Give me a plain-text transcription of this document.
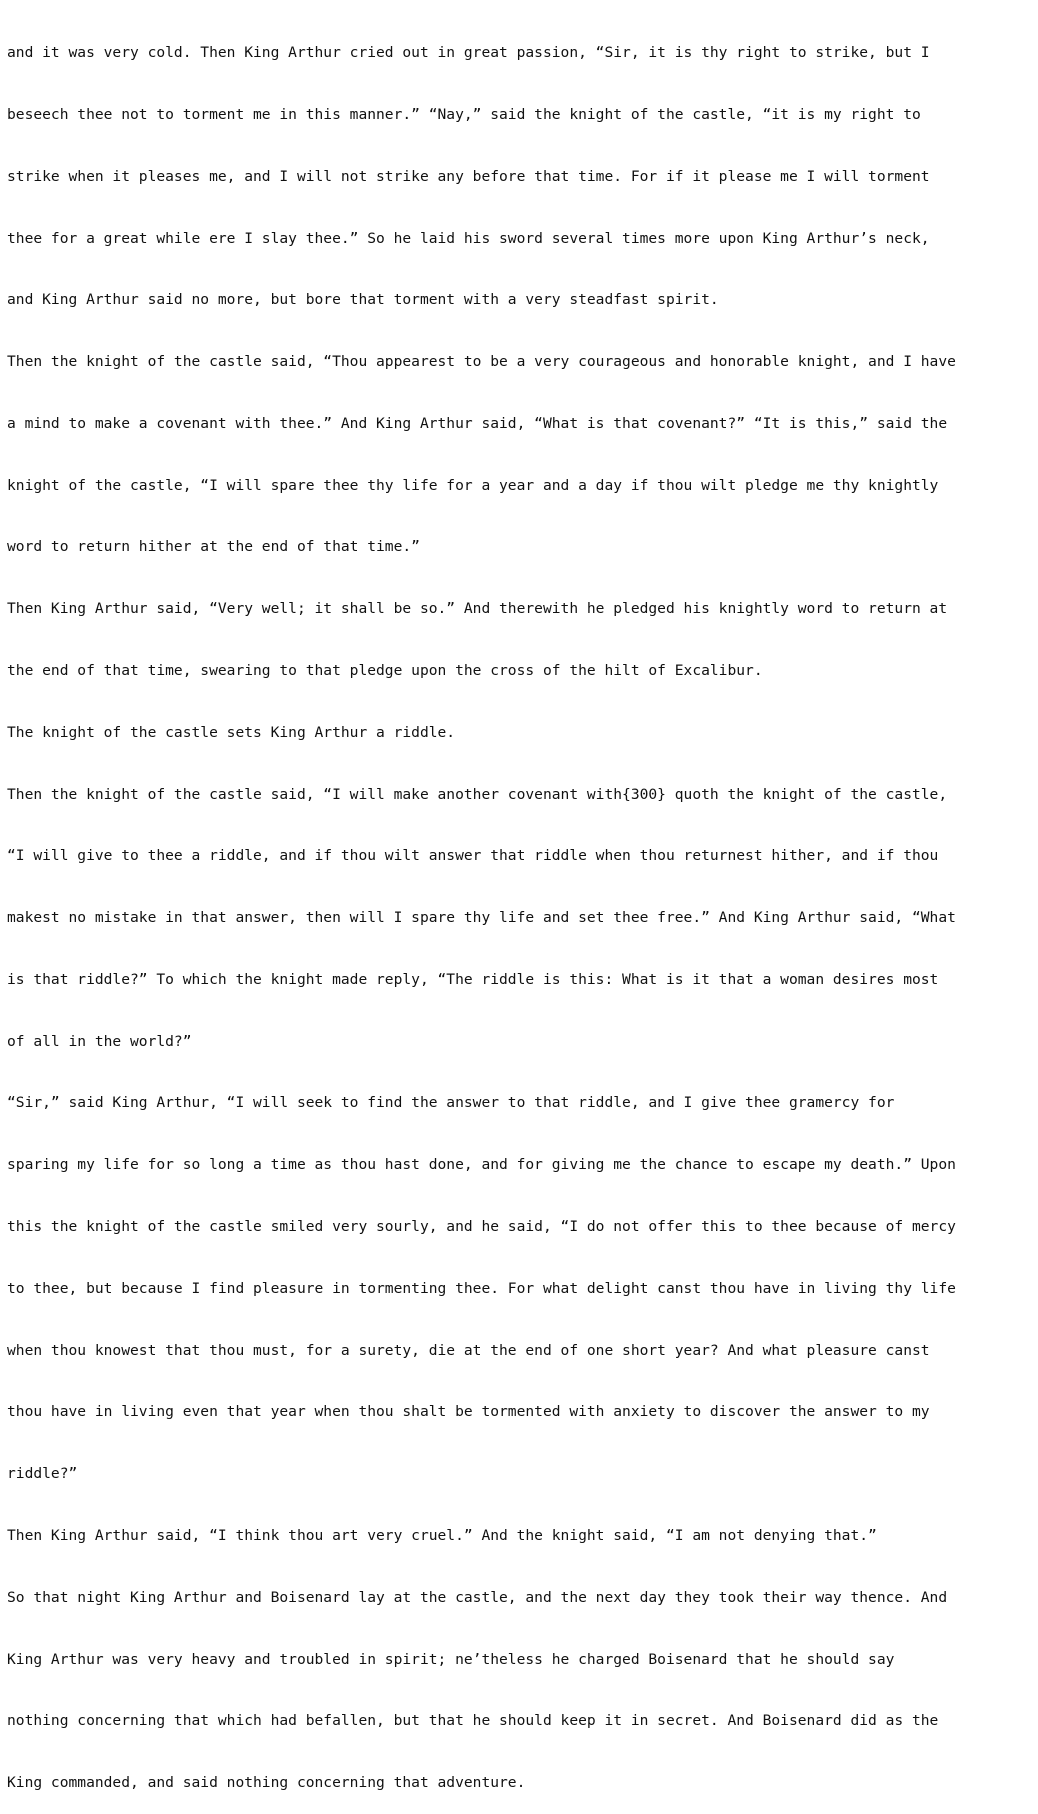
and it was very cold. Then King Arthur cried out in great passion, “Sir, it is thy right to strike, but I

beseech thee not to torment me in this manner.” “Nay,” said the knight of the castle, “it is my right to

strike when it pleases me, and I will not strike any before that time. For if it please me I will torment

thee for a great while ere I slay thee.” So he laid his sword several times more upon King Arthur’s neck,

and King Arthur said no more, but bore that torment with a very steadfast spirit.

Then the knight of the castle said, “Thou appearest to be a very courageous and honorable knight, and I have

a mind to make a covenant with thee.” And King Arthur said, “What is that covenant?” “It is this,” said the

knight of the castle, “I will spare thee thy life for a year and a day if thou wilt pledge me thy knightly

word to return hither at the end of that time.”

Then King Arthur said, “Very well; it shall be so.” And therewith he pledged his knightly word to return at

the end of that time, swearing to that pledge upon the cross of the hilt of Excalibur.

The knight of the castle sets King Arthur a riddle.

Then the knight of the castle said, “I will make another covenant with{300} quoth the knight of the castle,

“I will give to thee a riddle, and if thou wilt answer that riddle when thou returnest hither, and if thou

makest no mistake in that answer, then will I spare thy life and set thee free.” And King Arthur said, “What

is that riddle?” To which the knight made reply, “The riddle is this: What is it that a woman desires most

of all in the world?”

“Sir,” said King Arthur, “I will seek to find the answer to that riddle, and I give thee gramercy for

sparing my life for so long a time as thou hast done, and for giving me the chance to escape my death.” Upon

this the knight of the castle smiled very sourly, and he said, “I do not offer this to thee because of mercy

to thee, but because I find pleasure in tormenting thee. For what delight canst thou have in living thy life

when thou knowest that thou must, for a surety, die at the end of one short year? And what pleasure canst

thou have in living even that year when thou shalt be tormented with anxiety to discover the answer to my

riddle?”

Then King Arthur said, “I think thou art very cruel.” And the knight said, “I am not denying that.”

So that night King Arthur and Boisenard lay at the castle, and the next day they took their way thence. And

King Arthur was very heavy and troubled in spirit; ne’theless he charged Boisenard that he should say

nothing concerning that which had befallen, but that he should keep it in secret. And Boisenard did as the

King commanded, and said nothing concerning that adventure.
